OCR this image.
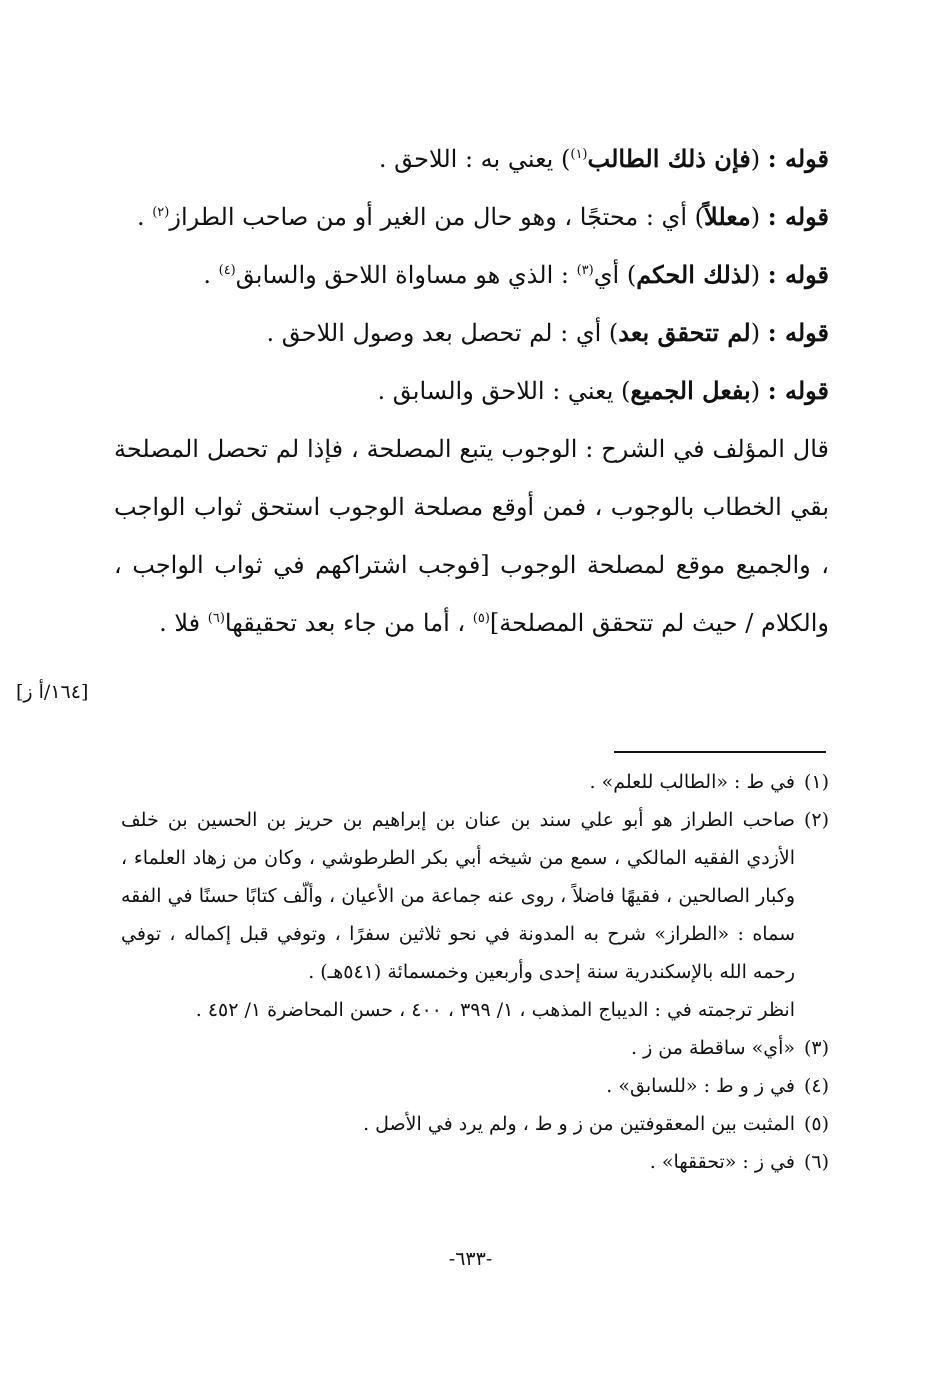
قوله : (فإن ذلك الطالب$^{(١)}$) يعني به : اللاحق .

قوله : (معللاً) أي : محتجًا ، وهو حال من الغير أو من صاحب الطراز$^{(٢)}$ .

قوله : (لذلك الحكم) أي$^{(٣)}$ : الذي هو مساواة اللاحق والسابق$^{(٤)}$ .

قوله : (لم تتحقق بعد) أي : لم تحصل بعد وصول اللاحق .

قوله : (بفعل الجميع) يعني : اللاحق والسابق .

قال المؤلف في الشرح : الوجوب يتبع المصلحة ، فإذا لم تحصل المصلحة بقي الخطاب بالوجوب ، فمن أوقع مصلحة الوجوب استحق ثواب الواجب ، والجميع موقع لمصلحة الوجوب [فوجب اشتراكهم في ثواب الواجب ، والكلام / حيث لم تتحقق المصلحة]$^{(٥)}$ ، أما من جاء بعد تحقيقها$^{(٦)}$ فلا .

[١٦٤/أ ز]
(١)

في ط : «الطالب للعلم» .

(٢)

صاحب الطراز هو أبو علي سند بن عنان بن إبراهيم بن حريز بن الحسين بن خلف الأزدي الفقيه المالكي ، سمع من شيخه أبي بكر الطرطوشي ، وكان من زهاد العلماء ، وكبار الصالحين ، فقيهًا فاضلاً ، روى عنه جماعة من الأعيان ، وألّف كتابًا حسنًا في الفقه سماه : «الطراز» شرح به المدونة في نحو ثلاثين سفرًا ، وتوفي قبل إكماله ، توفي رحمه الله بالإسكندرية سنة إحدى وأربعين وخمسمائة (٥٤١هـ) .

انظر ترجمته في : الديباج المذهب ، ١/ ٣٩٩ ، ٤٠٠ ، حسن المحاضرة ١/ ٤٥٢ .

(٣)

«أي» ساقطة من ز .

(٤)

في ز و ط : «للسابق» .

(٥)

المثبت بين المعقوفتين من ز و ط ، ولم يرد في الأصل .

(٦)

في ز : «تحققها» .

-٦٣٣-
